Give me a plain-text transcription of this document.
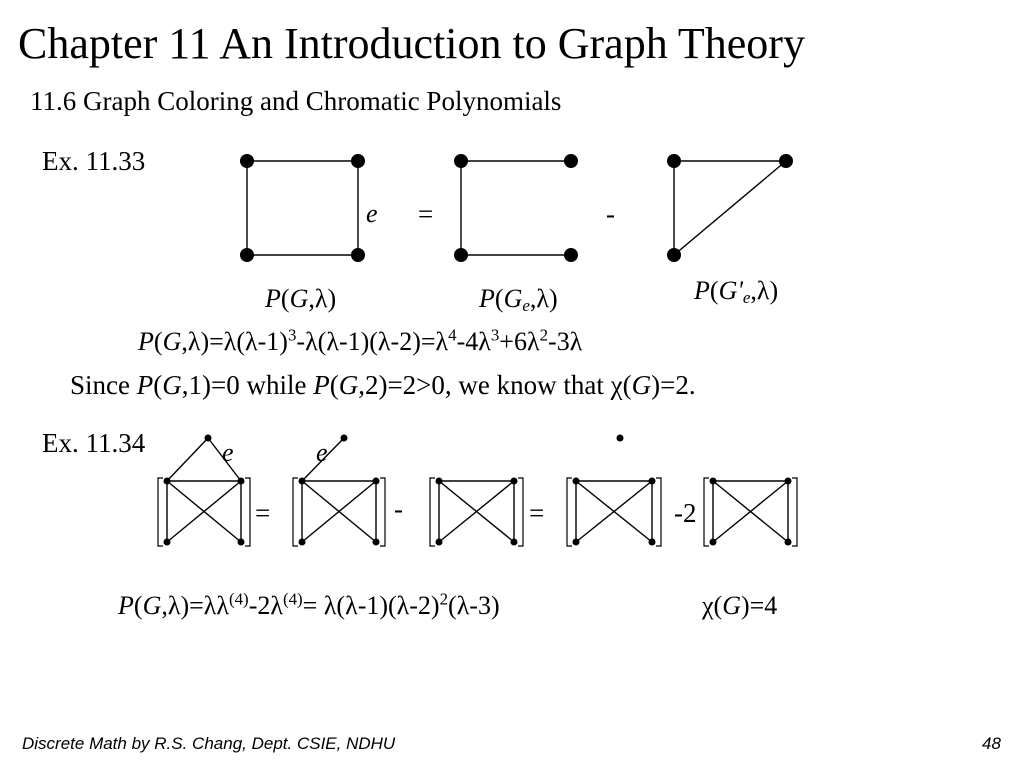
Chapter 11 An Introduction to Graph Theory
11.6 Graph Coloring and Chromatic Polynomials
Ex. 11.33
e =	-
P(G,λ)	$P(G_e,\lambda)$	$P(G'_e,\lambda)$
$P(G,\lambda)=\lambda(\lambda-1)^3-\lambda(\lambda-1)(\lambda-2)=\lambda^4-4\lambda^3+6\lambda^2-3\lambda$
Since P(G,1)=0 while P(G,2)=2>0, we know that χ(G)=2.
Ex. 11.34	e	e
=	-	=	-2
$P(G,\lambda)=\lambda\lambda^{(4)}-2\lambda^{(4)}= \lambda(\lambda-1)(\lambda-2)^2(\lambda-3)$	χ(G)=4
Discrete Math by R.S. Chang, Dept. CSIE, NDHU	48
